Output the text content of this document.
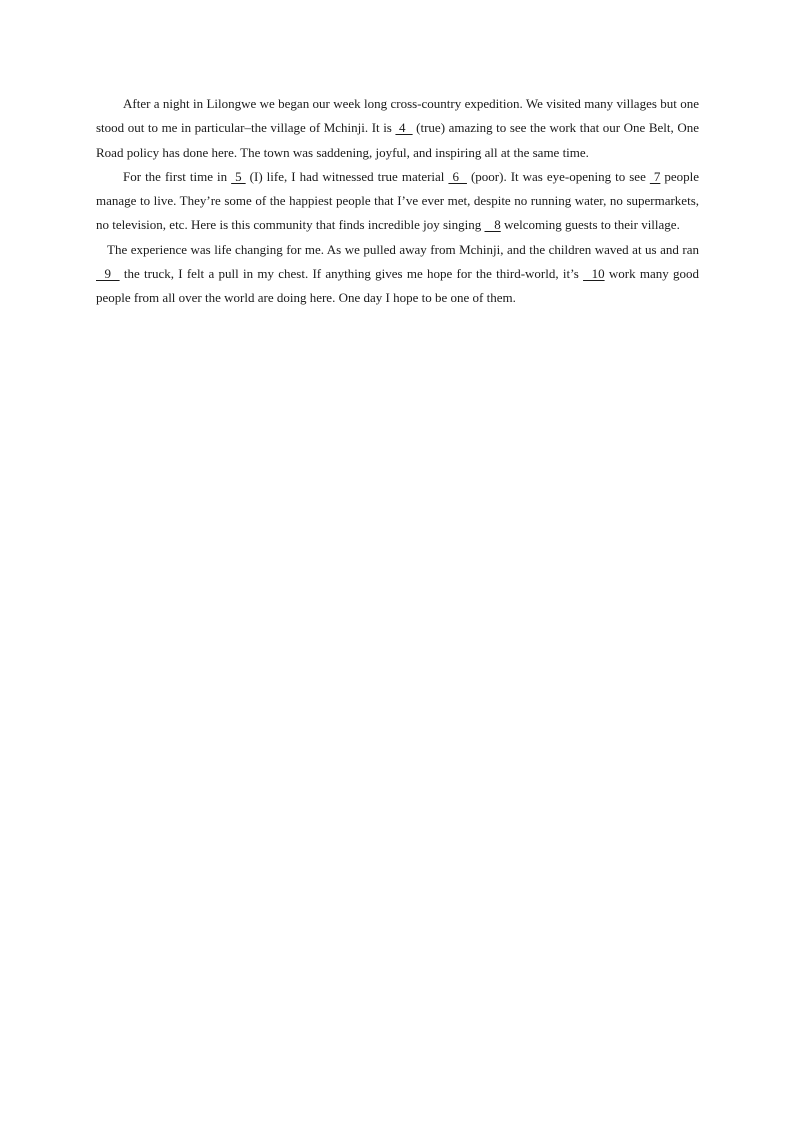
After a night in Lilongwe we began our week long cross-country expedition. We visited many villages but one stood out to me in particular–the village of Mchinji. It is  4   (true) amazing to see the work that our One Belt, One Road policy has done here. The town was saddening, joyful, and inspiring all at the same time.

For the first time in  5  (I) life, I had witnessed true material  6   (poor). It was eye-opening to see  7 people manage to live. They’re some of the happiest people that I’ve ever met, despite no running water, no supermarkets, no television, etc. Here is this community that finds incredible joy singing    8 welcoming guests to their village.

The experience was life changing for me. As we pulled away from Mchinji, and the children waved at us and ran   9   the truck, I felt a pull in my chest. If anything gives me hope for the third-world, it’s   10 work many good people from all over the world are doing here. One day I hope to be one of them.
